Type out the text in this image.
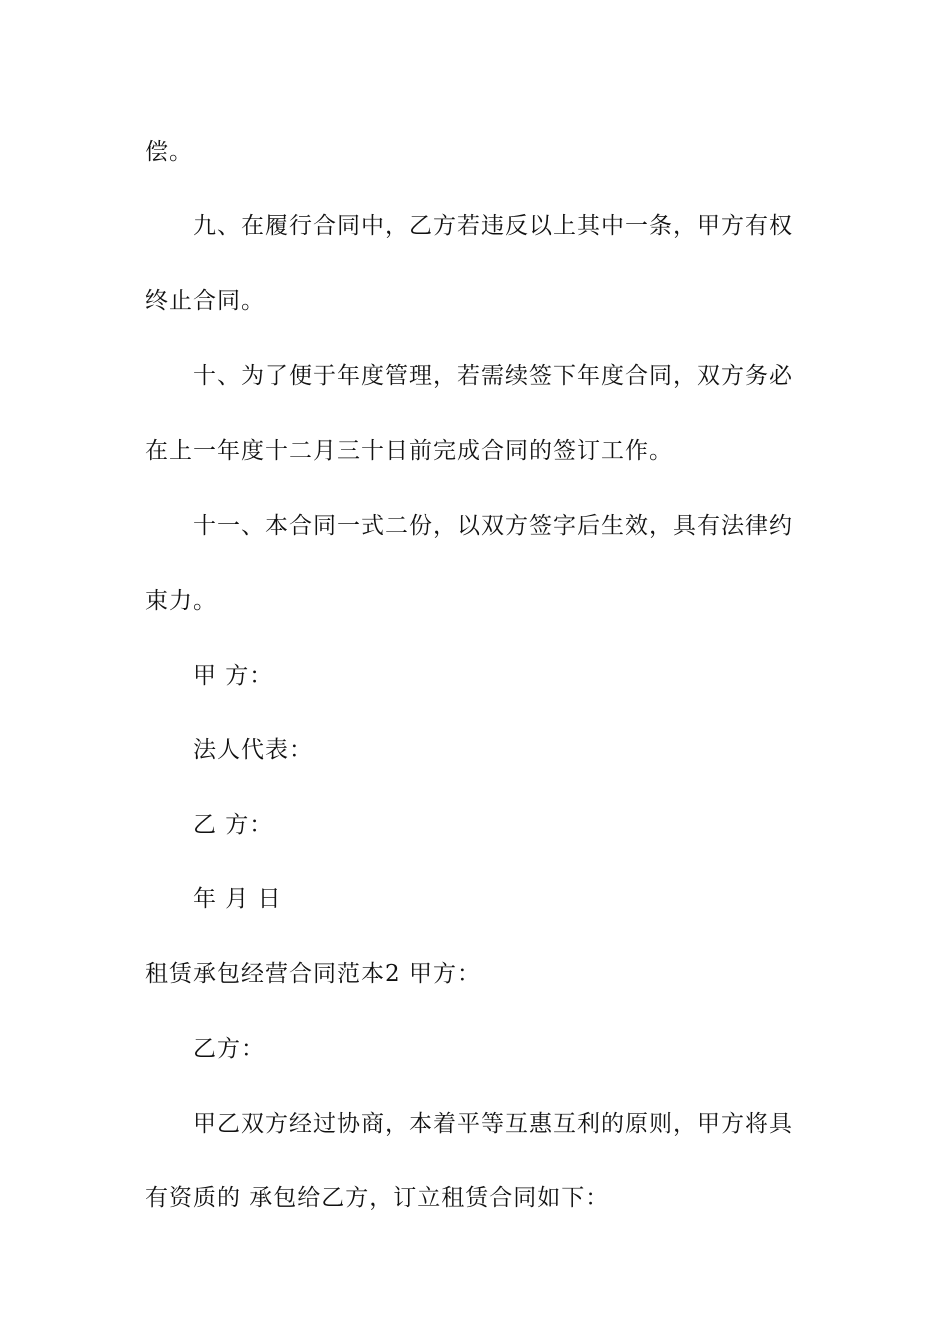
偿。
九、在履行合同中，乙方若违反以上其中一条，甲方有权
终止合同。
十、为了便于年度管理，若需续签下年度合同，双方务必
在上一年度十二月三十日前完成合同的签订工作。
十一、本合同一式二份，以双方签字后生效，具有法律约
束力。
甲 方：
法人代表：
乙 方：
年 月 日
租赁承包经营合同范本2 甲方：
乙方：
甲乙双方经过协商，本着平等互惠互利的原则，甲方将具
有资质的 承包给乙方，订立租赁合同如下：
